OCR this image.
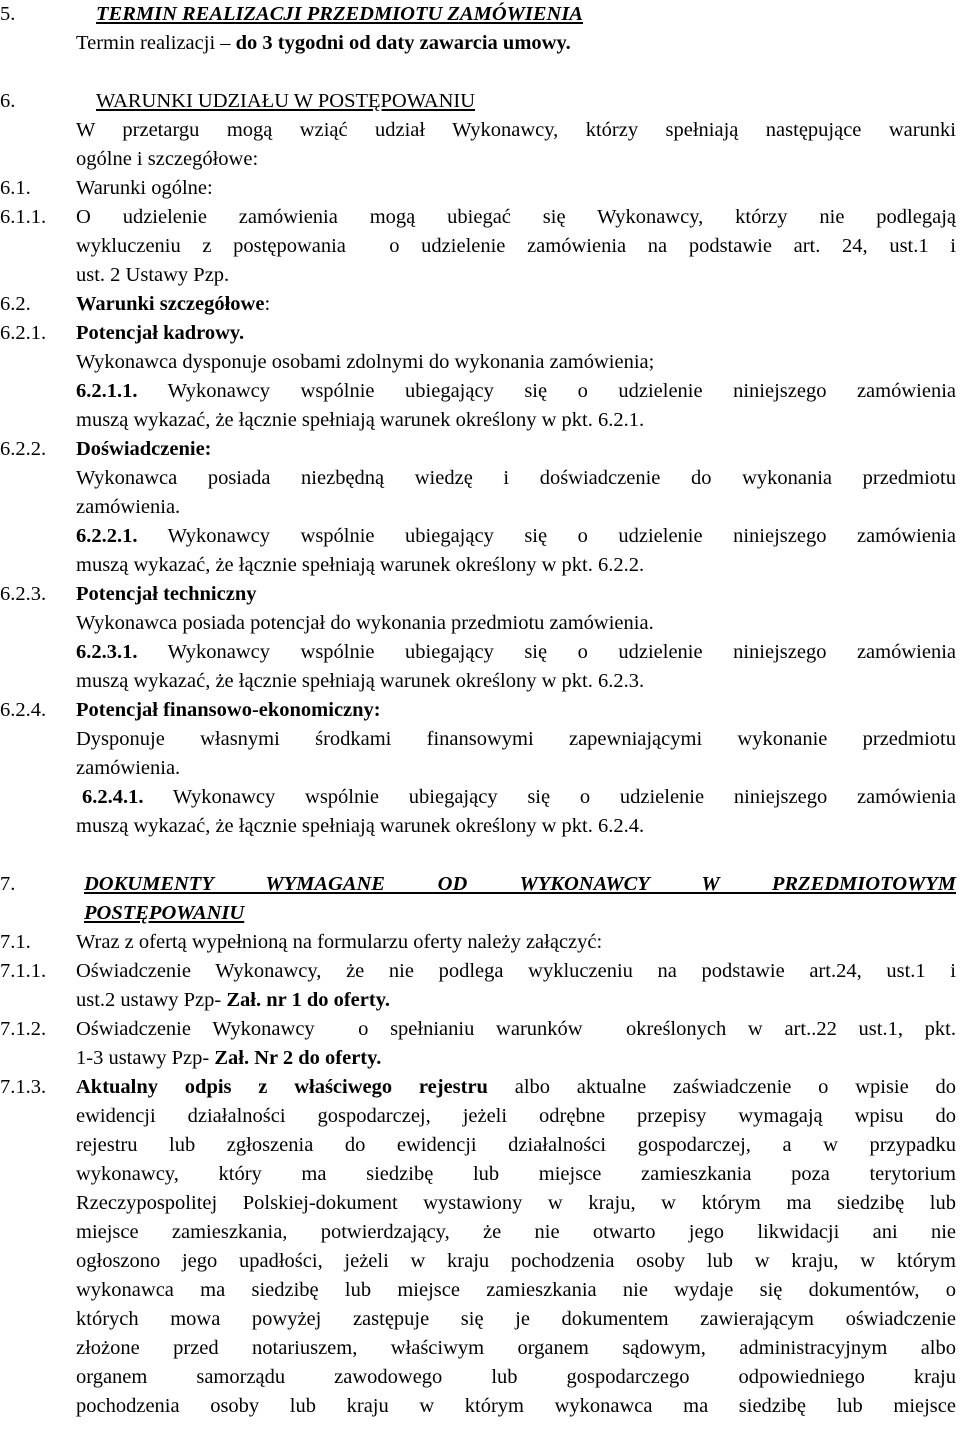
5.	TERMIN REALIZACJI PRZEDMIOTU ZAMÓWIENIA
Termin realizacji – do 3 tygodni od daty zawarcia umowy.
6.	WARUNKI UDZIAŁU W POSTĘPOWANIU
W przetargu mogą wziąć udział Wykonawcy, którzy spełniają następujące warunki
ogólne i szczegółowe:
6.1. Warunki ogólne:
6.1.1. O udzielenie zamówienia mogą ubiegać się Wykonawcy, którzy nie podlegają
wykluczeniu z postępowania  o udzielenie zamówienia na podstawie art. 24, ust.1 i
ust. 2 Ustawy Pzp.
6.2. Warunki szczegółowe:
6.2.1. Potencjał kadrowy.
Wykonawca dysponuje osobami zdolnymi do wykonania zamówienia;
6.2.1.1. Wykonawcy wspólnie ubiegający się o udzielenie niniejszego zamówienia
muszą wykazać, że łącznie spełniają warunek określony w pkt. 6.2.1.
6.2.2. Doświadczenie:
Wykonawca posiada niezbędną wiedzę i doświadczenie do wykonania przedmiotu
zamówienia.
6.2.2.1. Wykonawcy wspólnie ubiegający się o udzielenie niniejszego zamówienia
muszą wykazać, że łącznie spełniają warunek określony w pkt. 6.2.2.
6.2.3. Potencjał techniczny
Wykonawca posiada potencjał do wykonania przedmiotu zamówienia.
6.2.3.1. Wykonawcy wspólnie ubiegający się o udzielenie niniejszego zamówienia
muszą wykazać, że łącznie spełniają warunek określony w pkt. 6.2.3.
6.2.4. Potencjał finansowo-ekonomiczny:
Dysponuje własnymi środkami finansowymi zapewniającymi wykonanie przedmiotu
zamówienia.
6.2.4.1. Wykonawcy wspólnie ubiegający się o udzielenie niniejszego zamówienia
muszą wykazać, że łącznie spełniają warunek określony w pkt. 6.2.4.
7.	DOKUMENTY WYMAGANE OD WYKONAWCY W PRZEDMIOTOWYM
POSTĘPOWANIU
7.1. Wraz z ofertą wypełnioną na formularzu oferty należy załączyć:
7.1.1. Oświadczenie Wykonawcy, że nie podlega wykluczeniu na podstawie art.24, ust.1 i
ust.2 ustawy Pzp- Zał. nr 1 do oferty.
7.1.2. Oświadczenie Wykonawcy  o spełnianiu warunków  określonych w art..22 ust.1, pkt.
1-3 ustawy Pzp- Zał. Nr 2 do oferty.
7.1.3. Aktualny odpis z właściwego rejestru albo aktualne zaświadczenie o wpisie do
ewidencji działalności gospodarczej, jeżeli odrębne przepisy wymagają wpisu do
rejestru lub zgłoszenia do ewidencji działalności gospodarczej, a w przypadku
wykonawcy, który ma siedzibę lub miejsce zamieszkania poza terytorium
Rzeczypospolitej Polskiej-dokument wystawiony w kraju, w którym ma siedzibę lub
miejsce zamieszkania, potwierdzający, że nie otwarto jego likwidacji ani nie
ogłoszono jego upadłości, jeżeli w kraju pochodzenia osoby lub w kraju, w którym
wykonawca ma siedzibę lub miejsce zamieszkania nie wydaje się dokumentów, o
których mowa powyżej zastępuje się je dokumentem zawierającym oświadczenie
złożone przed notariuszem, właściwym organem sądowym, administracyjnym albo
organem samorządu zawodowego lub gospodarczego odpowiedniego kraju
pochodzenia osoby lub kraju w którym wykonawca ma siedzibę lub miejsce
